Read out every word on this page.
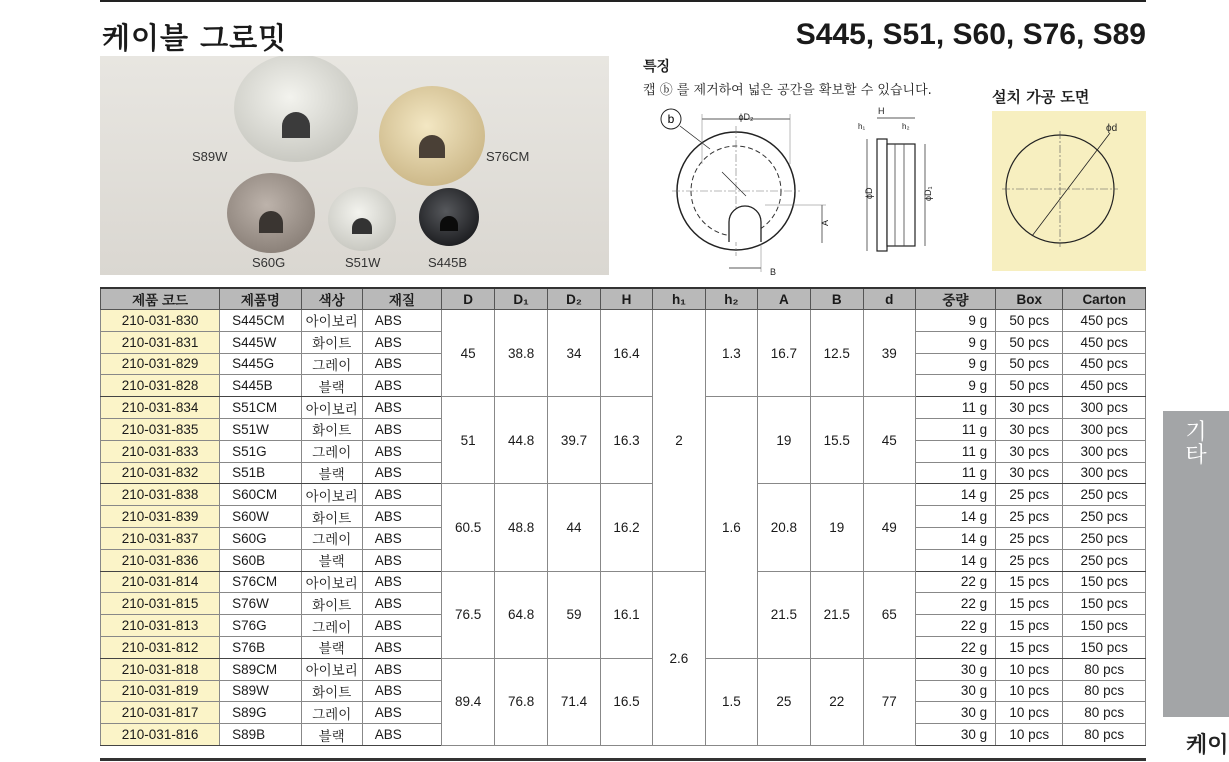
케이블 그로밋	S445, S51, S60, S76, S89
S89W	S76CM
S60G	S51W	S445B
특징
캡 ⓑ 를 제거하여 넓은 공간을 확보할 수 있습니다.
b	ϕD₂
A
B
H
h₁	h₂
ϕD	ϕD₁
설치 가공 도면
ϕd
제품 코드	제품명	색상	재질	D	D₁	D₂	H	h₁	h₂	A	B	d	중량	Box	Carton
210-031-830	S445CM	아이보리	ABS	45	38.8	34	16.4	2	1.3	16.7	12.5	39	9 g	50 pcs	450 pcs
210-031-831	S445W	화이트	ABS										9 g	50 pcs	450 pcs
210-031-829	S445G	그레이	ABS										9 g	50 pcs	450 pcs
210-031-828	S445B	블랙	ABS										9 g	50 pcs	450 pcs
210-031-834	S51CM	아이보리	ABS	51	44.8	39.7	16.3		1.6	19	15.5	45	11 g	30 pcs	300 pcs
210-031-835	S51W	화이트	ABS										11 g	30 pcs	300 pcs
210-031-833	S51G	그레이	ABS										11 g	30 pcs	300 pcs
210-031-832	S51B	블랙	ABS										11 g	30 pcs	300 pcs
210-031-838	S60CM	아이보리	ABS	60.5	48.8	44	16.2			20.8	19	49	14 g	25 pcs	250 pcs
210-031-839	S60W	화이트	ABS										14 g	25 pcs	250 pcs
210-031-837	S60G	그레이	ABS										14 g	25 pcs	250 pcs
210-031-836	S60B	블랙	ABS										14 g	25 pcs	250 pcs
210-031-814	S76CM	아이보리	ABS	76.5	64.8	59	16.1	2.6		21.5	21.5	65	22 g	15 pcs	150 pcs
210-031-815	S76W	화이트	ABS										22 g	15 pcs	150 pcs
210-031-813	S76G	그레이	ABS										22 g	15 pcs	150 pcs
210-031-812	S76B	블랙	ABS										22 g	15 pcs	150 pcs
210-031-818	S89CM	아이보리	ABS	89.4	76.8	71.4	16.5		1.5	25	22	77	30 g	10 pcs	80 pcs
210-031-819	S89W	화이트	ABS										30 g	10 pcs	80 pcs
210-031-817	S89G	그레이	ABS										30 g	10 pcs	80 pcs
210-031-816	S89B	블랙	ABS										30 g	10 pcs	80 pcs
기타
케이
